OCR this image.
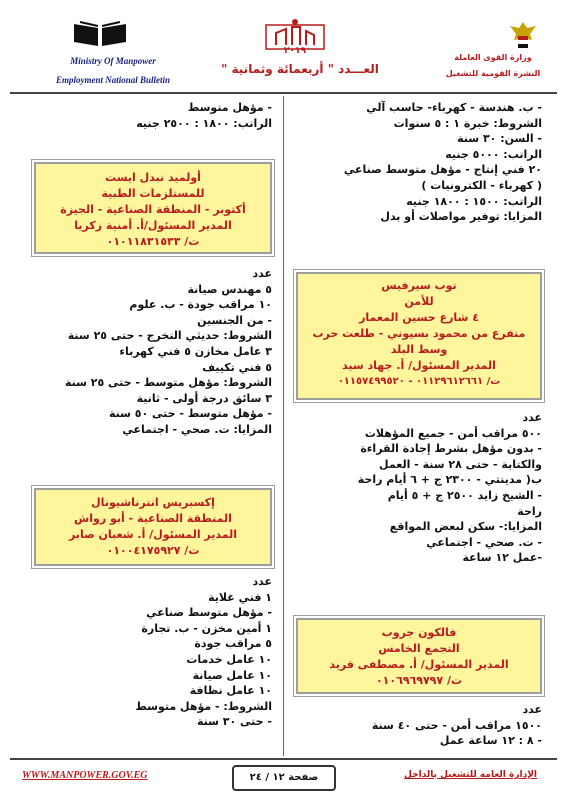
Ministry Of Manpower
Employment National Bulletin
٢٠١٩
العـــدد " أربعمائة وثمانية "
وزارة القوى العاملة
النشرة القومية للتشغيل
- ب. هندسة - كهرباء- حاسب آلي
الشروط: خبرة ١ : ٥ سنوات
- السن: ٣٠ سنة
الراتب: ٥٠٠٠ جنيه
٢٠ فني إنتاج - مؤهل متوسط صناعي
( كهرباء - الكترونيات )
الراتب: ١٥٠٠ : ١٨٠٠ جنيه
المزايا: توفير مواصلات أو بدل
توب سيرفيس
للأمن
٤ شارع حسين المعمار
متفرع من محمود بسيوني - طلعت حرب
وسط البلد
المدير المسئول/ أ. جهاد سيد
ت/ ٠١١٢٩٦١٢٦٦١ - ٠١١٥٧٤٩٩٥٢٠
عدد
٥٠٠ مراقب أمن - جميع المؤهلات
- بدون مؤهل بشرط إجادة القراءة
والكتابة - حتى ٢٨ سنة - العمل
ب( مدينتي - ٢٣٠٠ ج + ٦ أيام راحة
- الشيخ زايد ٢٥٠٠ ج + ٥ أيام
راحة
المزايا:- سكن لبعض المواقع
- ت. صحي - اجتماعي
-عمل ١٢ ساعة
فالكون جروب
التجمع الخامس
المدير المسئول/ أ. مصطفى فريد
ت/ ٠١٠٦٩٦٩٧٩٧
عدد
١٥٠٠ مراقب أمن - حتى ٤٠ سنة
- ٨ : ١٢ ساعة عمل
- مؤهل متوسط
الراتب: ١٨٠٠ : ٢٥٠٠ جنيه
أولميد نبدل ايست
للمستلزمات الطبية
أكتوبر - المنطقة الصناعية - الجيزة
المدير المسئول/أ. أمنية زكريا
ت/ ٠١٠١١٨٣١٥٣٣
عدد
٥ مهندس صيانة
١٠ مراقب جودة - ب. علوم
- من الجنسين
الشروط: حديثي التخرج - حتى ٢٥ سنة
٣ عامل مخازن ٥ فني كهرباء
٥ فني تكييف
الشروط: مؤهل متوسط - حتى ٢٥ سنة
٣ سائق درجة أولى - ثانية
- مؤهل متوسط - حتى ٥٠ سنة
المزايا: ت. صحي - اجتماعي
إكسبريس انترناشيونال
المنطقة الصناعية - أبو رواش
المدير المسئول/ أ. شعبان صابر
ت/ ٠١٠٠٤١٧٥٩٢٧
عدد
١ فني غلاية
- مؤهل متوسط صناعي
١ أمين مخزن - ب. تجارة
٥ مراقب جودة
١٠ عامل خدمات
١٠ عامل صيانة
١٠ عامل نظافة
الشروط: - مؤهل متوسط
- حتى ٣٠ سنة
WWW.MANPOWER.GOV.EG	صفحة ١٢ / ٢٤	الإدارة العامة للتشغيل بالداخل
